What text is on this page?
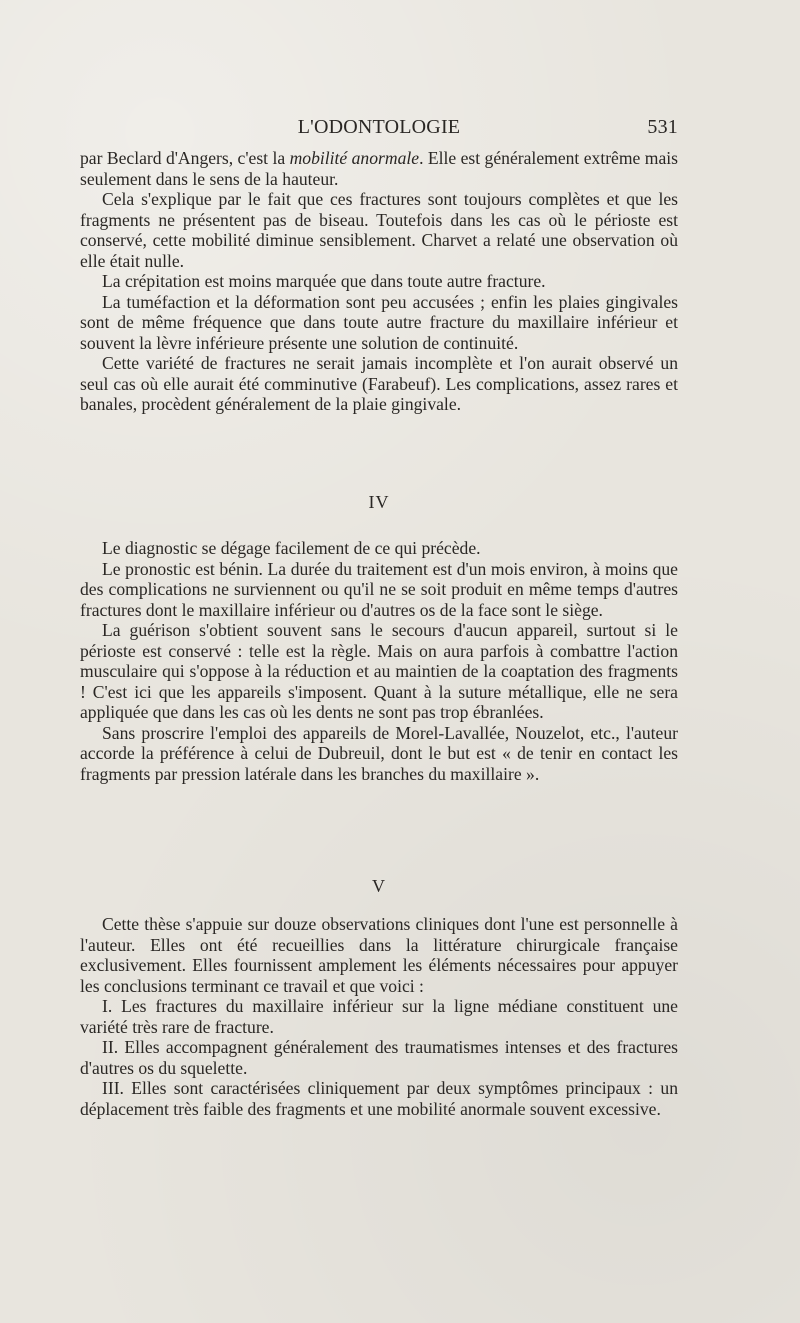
L'ODONTOLOGIE	531

par Beclard d'Angers, c'est la mobilité anormale. Elle est généralement extrême mais seulement dans le sens de la hauteur.

Cela s'explique par le fait que ces fractures sont toujours complètes et que les fragments ne présentent pas de biseau. Toutefois dans les cas où le périoste est conservé, cette mobilité diminue sensiblement. Charvet a relaté une observation où elle était nulle.

La crépitation est moins marquée que dans toute autre fracture.

La tuméfaction et la déformation sont peu accusées ; enfin les plaies gingivales sont de même fréquence que dans toute autre fracture du maxillaire inférieur et souvent la lèvre inférieure présente une solution de continuité.

Cette variété de fractures ne serait jamais incomplète et l'on aurait observé un seul cas où elle aurait été comminutive (Farabeuf). Les complications, assez rares et banales, procèdent généralement de la plaie gingivale.

IV

Le diagnostic se dégage facilement de ce qui précède.

Le pronostic est bénin. La durée du traitement est d'un mois environ, à moins que des complications ne surviennent ou qu'il ne se soit produit en même temps d'autres fractures dont le maxillaire inférieur ou d'autres os de la face sont le siège.

La guérison s'obtient souvent sans le secours d'aucun appareil, surtout si le périoste est conservé : telle est la règle. Mais on aura parfois à combattre l'action musculaire qui s'oppose à la réduction et au maintien de la coaptation des fragments ! C'est ici que les appareils s'imposent. Quant à la suture métallique, elle ne sera appliquée que dans les cas où les dents ne sont pas trop ébranlées.

Sans proscrire l'emploi des appareils de Morel-Lavallée, Nouzelot, etc., l'auteur accorde la préférence à celui de Dubreuil, dont le but est « de tenir en contact les fragments par pression latérale dans les branches du maxillaire ».

V

Cette thèse s'appuie sur douze observations cliniques dont l'une est personnelle à l'auteur. Elles ont été recueillies dans la littérature chirurgicale française exclusivement. Elles fournissent amplement les éléments nécessaires pour appuyer les conclusions terminant ce travail et que voici :

I. Les fractures du maxillaire inférieur sur la ligne médiane constituent une variété très rare de fracture.

II. Elles accompagnent généralement des traumatismes intenses et des fractures d'autres os du squelette.

III. Elles sont caractérisées cliniquement par deux symptômes principaux : un déplacement très faible des fragments et une mobilité anormale souvent excessive.
